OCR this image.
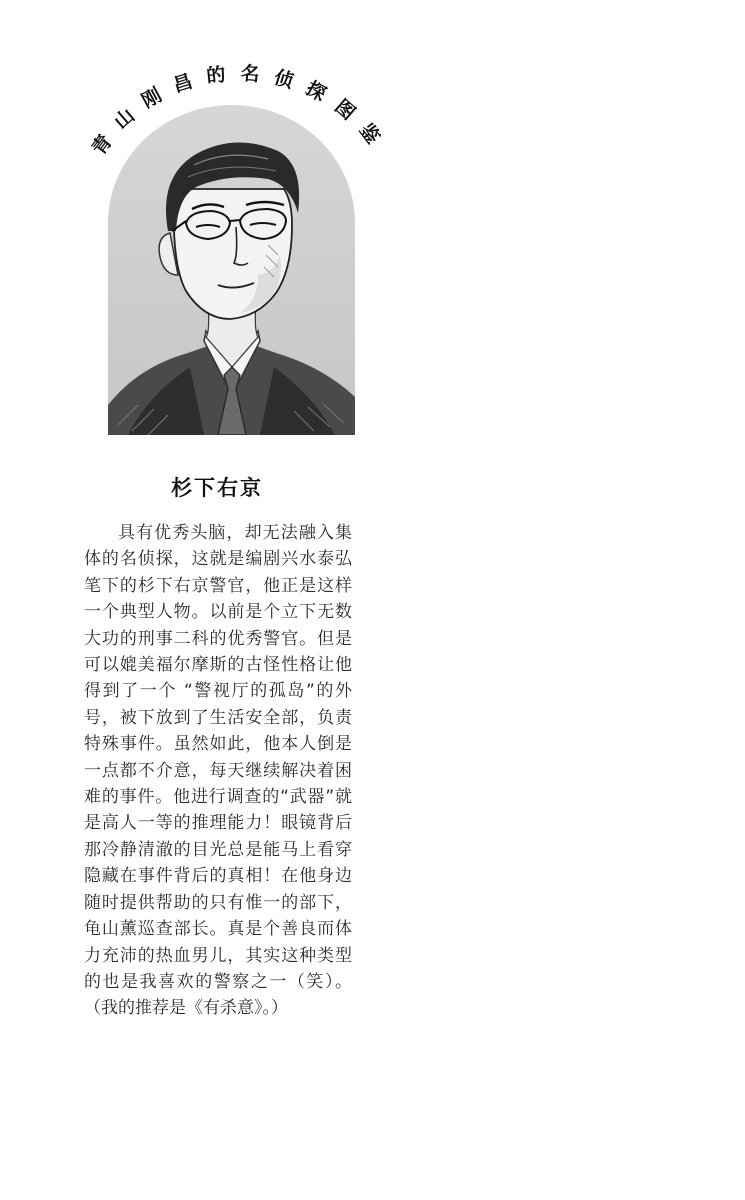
青山刚昌的名侦探图鉴
杉下右京

具有优秀头脑，却无法融入集体的名侦探，这就是编剧兴水泰弘笔下的杉下右京警官，他正是这样一个典型人物。以前是个立下无数大功的刑事二科的优秀警官。但是可以媲美福尔摩斯的古怪性格让他得到了一个 “警视厅的孤岛”的外号，被下放到了生活安全部，负责特殊事件。虽然如此，他本人倒是一点都不介意，每天继续解决着困难的事件。他进行调查的“武器”就是高人一等的推理能力！眼镜背后那冷静清澈的目光总是能马上看穿隐藏在事件背后的真相！在他身边随时提供帮助的只有惟一的部下，龟山薰巡查部长。真是个善良而体力充沛的热血男儿，其实这种类型的也是我喜欢的警察之一（笑）。（我的推荐是《有杀意》。）
